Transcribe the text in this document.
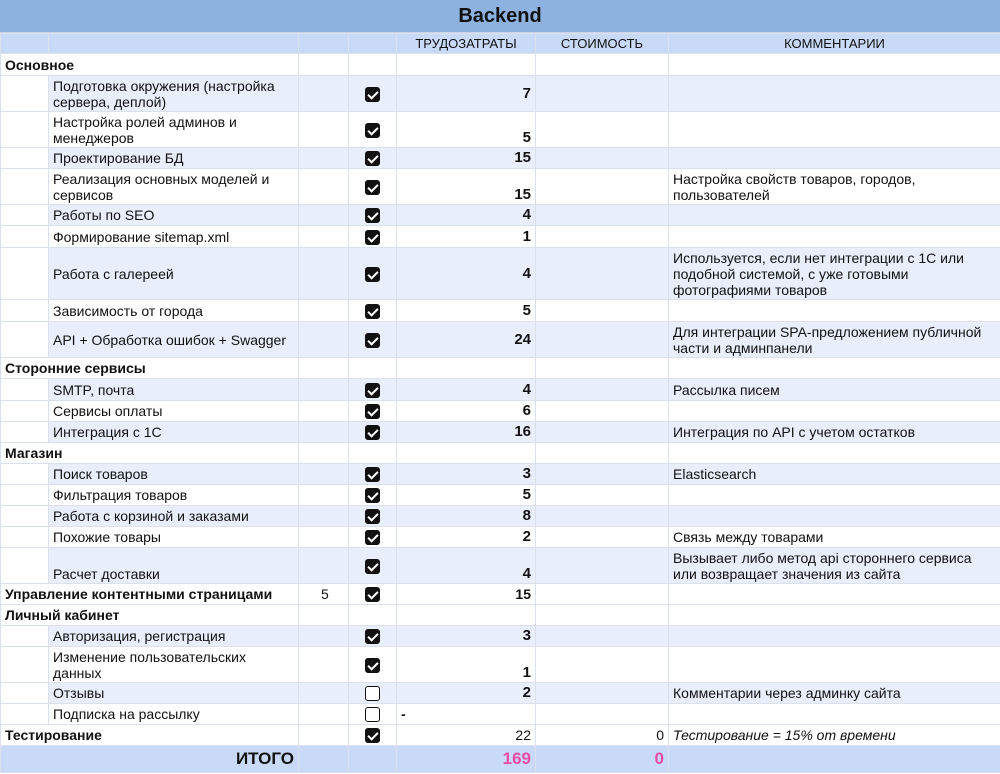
Backend
				ТРУДОЗАТРАТЫ	СТОИМОСТЬ	КОММЕНТАРИИ
Основное						
	Подготовка окружения (настройка сервера, деплой)			7		
	Настройка ролей админов и менеджеров			5		
	Проектирование БД			15		
	Реализация основных моделей и сервисов			15		Настройка свойств товаров, городов, пользователей
	Работы по SEO			4		
	Формирование sitemap.xml			1		
	Работа с галереей			4		Используется, если нет интеграции с 1С или подобной системой, с уже готовыми фотографиями товаров
	Зависимость от города			5		
	API + Обработка ошибок + Swagger			24		Для интеграции SPA-предложением публичной части и админпанели
Сторонние сервисы						
	SMTP, почта			4		Рассылка писем
	Сервисы оплаты			6		
	Интеграция с 1С			16		Интеграция по API с учетом остатков
Магазин						
	Поиск товаров			3		Elasticsearch
	Фильтрация товаров			5		
	Работа с корзиной и заказами			8		
	Похожие товары			2		Связь между товарами
	Расчет доставки			4		Вызывает либо метод api стороннего сервиса или возвращает значения из сайта
Управление контентными страницами		5		15		
Личный кабинет						
	Авторизация, регистрация			3		
	Изменение пользовательских данных			1		
	Отзывы			2		Комментарии через админку сайта
	Подписка на рассылку			-		
Тестирование				22	0	Тестирование = 15% от времени
ИТОГО				169	0	
